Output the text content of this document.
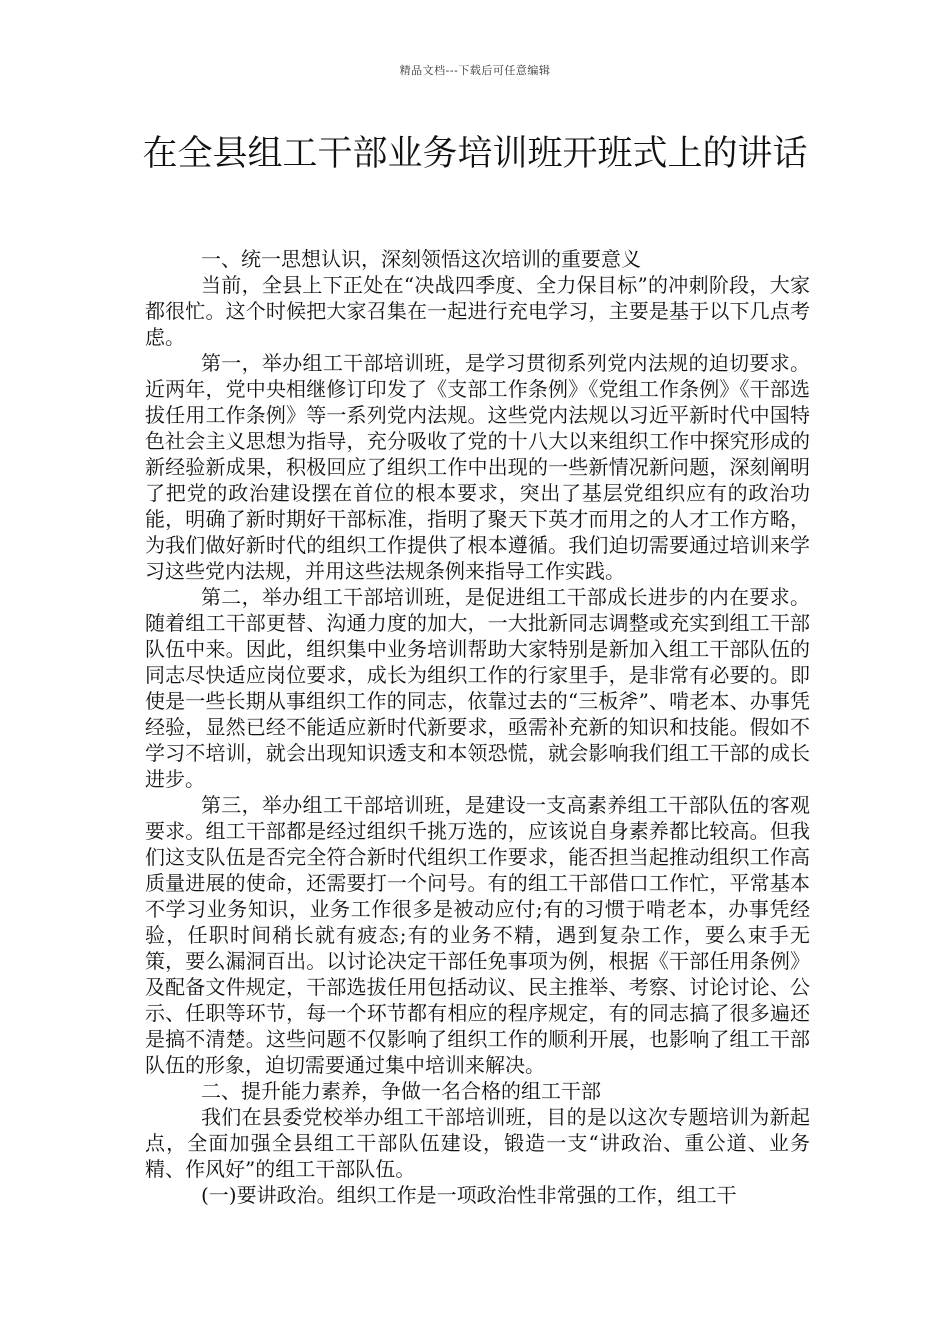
精品文档---下载后可任意编辑
在全县组工干部业务培训班开班式上的讲话

一、统一思想认识，深刻领悟这次培训的重要意义

当前，全县上下正处在“决战四季度、全力保目标”的冲刺阶段，大家都很忙。这个时候把大家召集在一起进行充电学习，主要是基于以下几点考虑。

第一，举办组工干部培训班，是学习贯彻系列党内法规的迫切要求。近两年，党中央相继修订印发了《支部工作条例》《党组工作条例》《干部选拔任用工作条例》等一系列党内法规。这些党内法规以习近平新时代中国特色社会主义思想为指导，充分吸收了党的十八大以来组织工作中探究形成的新经验新成果，积极回应了组织工作中出现的一些新情况新问题，深刻阐明了把党的政治建设摆在首位的根本要求，突出了基层党组织应有的政治功能，明确了新时期好干部标准，指明了聚天下英才而用之的人才工作方略，为我们做好新时代的组织工作提供了根本遵循。我们迫切需要通过培训来学习这些党内法规，并用这些法规条例来指导工作实践。

第二，举办组工干部培训班，是促进组工干部成长进步的内在要求。随着组工干部更替、沟通力度的加大，一大批新同志调整或充实到组工干部队伍中来。因此，组织集中业务培训帮助大家特别是新加入组工干部队伍的同志尽快适应岗位要求，成长为组织工作的行家里手，是非常有必要的。即使是一些长期从事组织工作的同志，依靠过去的“三板斧”、啃老本、办事凭经验，显然已经不能适应新时代新要求，亟需补充新的知识和技能。假如不学习不培训，就会出现知识透支和本领恐慌，就会影响我们组工干部的成长进步。

第三，举办组工干部培训班，是建设一支高素养组工干部队伍的客观要求。组工干部都是经过组织千挑万选的，应该说自身素养都比较高。但我们这支队伍是否完全符合新时代组织工作要求，能否担当起推动组织工作高质量进展的使命，还需要打一个问号。有的组工干部借口工作忙，平常基本不学习业务知识，业务工作很多是被动应付;有的习惯于啃老本，办事凭经验，任职时间稍长就有疲态;有的业务不精，遇到复杂工作，要么束手无策，要么漏洞百出。以讨论决定干部任免事项为例，根据《干部任用条例》及配备文件规定，干部选拔任用包括动议、民主推举、考察、讨论讨论、公示、任职等环节，每一个环节都有相应的程序规定，有的同志搞了很多遍还是搞不清楚。这些问题不仅影响了组织工作的顺利开展，也影响了组工干部队伍的形象，迫切需要通过集中培训来解决。

二、提升能力素养，争做一名合格的组工干部

我们在县委党校举办组工干部培训班，目的是以这次专题培训为新起点，全面加强全县组工干部队伍建设，锻造一支“讲政治、重公道、业务精、作风好”的组工干部队伍。

(一)要讲政治。组织工作是一项政治性非常强的工作，组工干
